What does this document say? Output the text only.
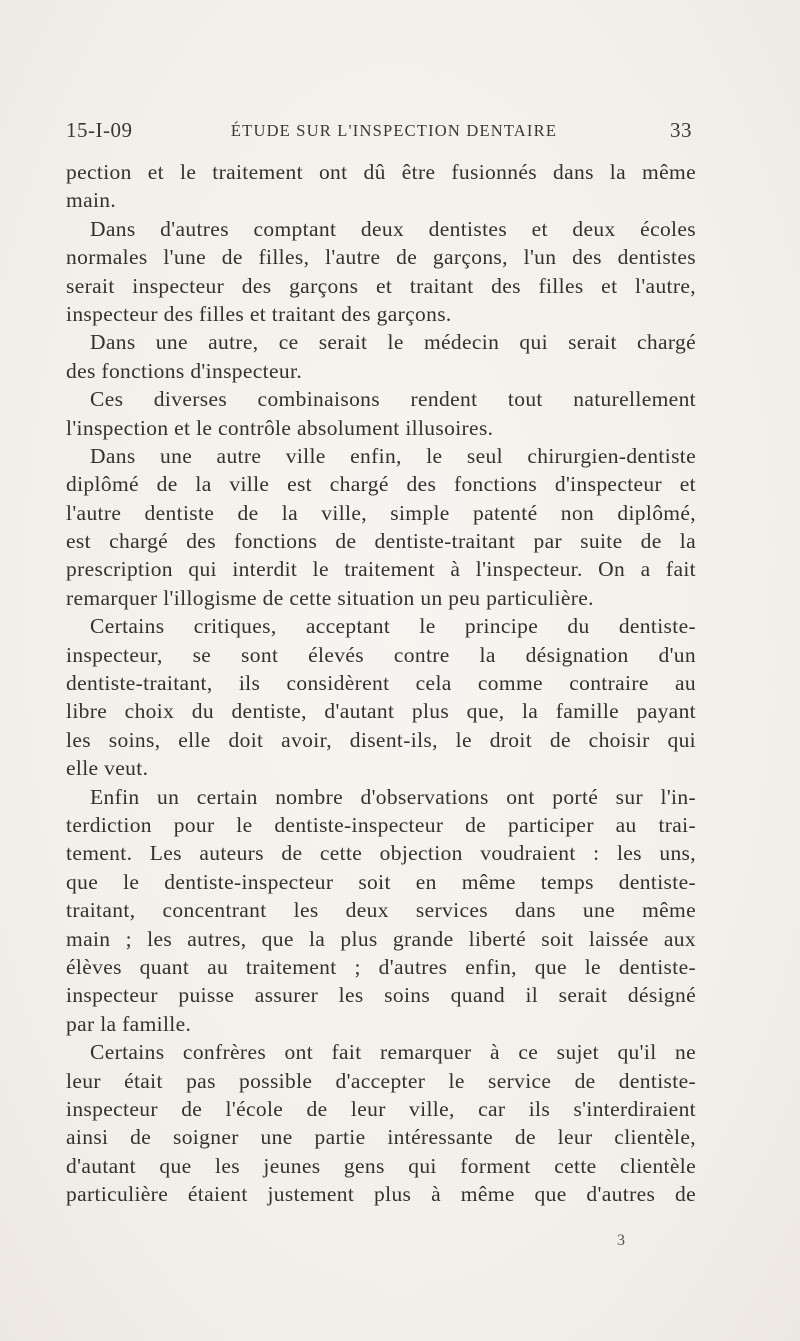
15-I-09	ÉTUDE SUR L'INSPECTION DENTAIRE	33
pection et le traitement ont dû être fusionnés dans la même
main.
Dans d'autres comptant deux dentistes et deux écoles
normales l'une de filles, l'autre de garçons, l'un des dentistes
serait inspecteur des garçons et traitant des filles et l'autre,
inspecteur des filles et traitant des garçons.
Dans une autre, ce serait le médecin qui serait chargé
des fonctions d'inspecteur.
Ces diverses combinaisons rendent tout naturellement
l'inspection et le contrôle absolument illusoires.
Dans une autre ville enfin, le seul chirurgien-dentiste
diplômé de la ville est chargé des fonctions d'inspecteur et
l'autre dentiste de la ville, simple patenté non diplômé,
est chargé des fonctions de dentiste-traitant par suite de la
prescription qui interdit le traitement à l'inspecteur. On a fait
remarquer l'illogisme de cette situation un peu particulière.
Certains critiques, acceptant le principe du dentiste-
inspecteur, se sont élevés contre la désignation d'un
dentiste-traitant, ils considèrent cela comme contraire au
libre choix du dentiste, d'autant plus que, la famille payant
les soins, elle doit avoir, disent-ils, le droit de choisir qui
elle veut.
Enfin un certain nombre d'observations ont porté sur l'in-
terdiction pour le dentiste-inspecteur de participer au trai-
tement. Les auteurs de cette objection voudraient : les uns,
que le dentiste-inspecteur soit en même temps dentiste-
traitant, concentrant les deux services dans une même
main ; les autres, que la plus grande liberté soit laissée aux
élèves quant au traitement ; d'autres enfin, que le dentiste-
inspecteur puisse assurer les soins quand il serait désigné
par la famille.
Certains confrères ont fait remarquer à ce sujet qu'il ne
leur était pas possible d'accepter le service de dentiste-
inspecteur de l'école de leur ville, car ils s'interdiraient
ainsi de soigner une partie intéressante de leur clientèle,
d'autant que les jeunes gens qui forment cette clientèle
particulière étaient justement plus à même que d'autres de
3
